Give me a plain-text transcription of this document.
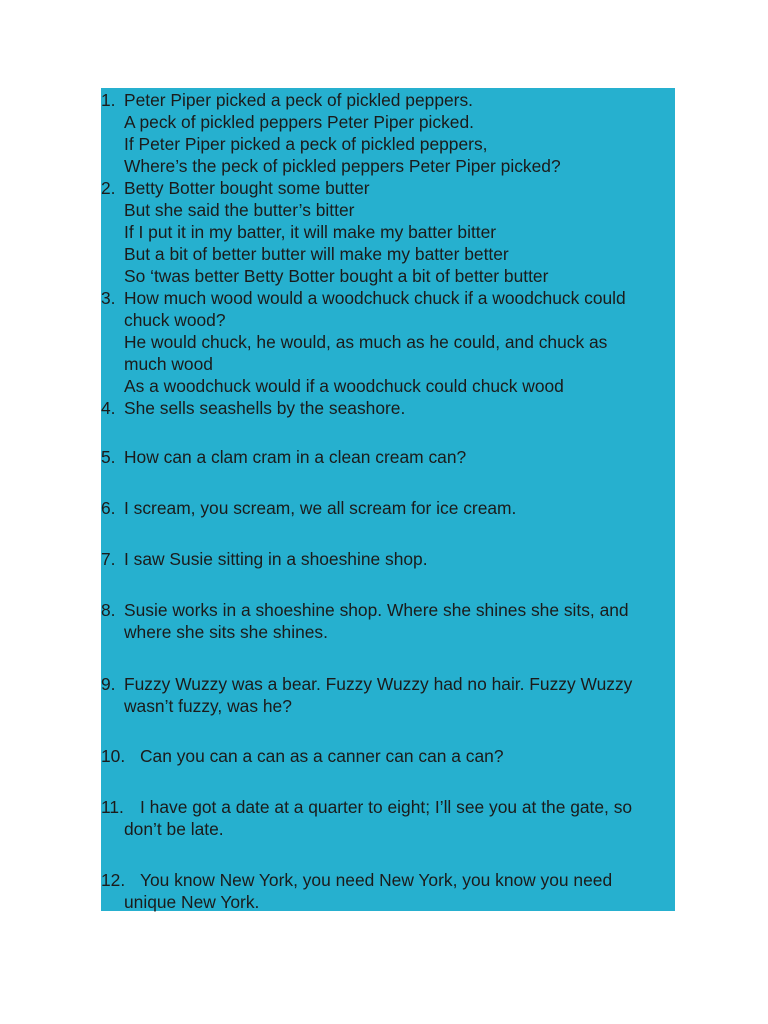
1. Peter Piper picked a peck of pickled peppers.
A peck of pickled peppers Peter Piper picked.
If Peter Piper picked a peck of pickled peppers,
Where’s the peck of pickled peppers Peter Piper picked?
2. Betty Botter bought some butter
But she said the butter’s bitter
If I put it in my batter, it will make my batter bitter
But a bit of better butter will make my batter better
So ‘twas better Betty Botter bought a bit of better butter
3. How much wood would a woodchuck chuck if a woodchuck could
chuck wood?
He would chuck, he would, as much as he could, and chuck as
much wood
As a woodchuck would if a woodchuck could chuck wood
4. She sells seashells by the seashore.
5. How can a clam cram in a clean cream can?
6. I scream, you scream, we all scream for ice cream.
7. I saw Susie sitting in a shoeshine shop.
8. Susie works in a shoeshine shop. Where she shines she sits, and
where she sits she shines.
9. Fuzzy Wuzzy was a bear. Fuzzy Wuzzy had no hair. Fuzzy Wuzzy
wasn’t fuzzy, was he?
10. Can you can a can as a canner can can a can?
11. I have got a date at a quarter to eight; I’ll see you at the gate, so
don’t be late.
12. You know New York, you need New York, you know you need
unique New York.
